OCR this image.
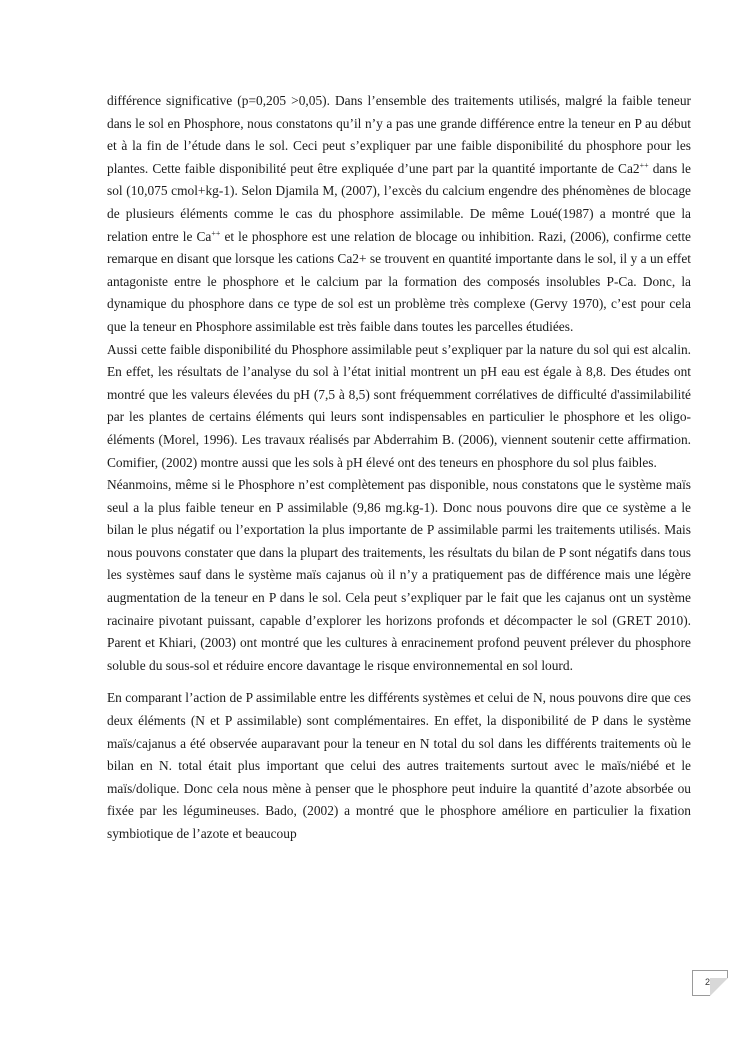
différence significative (p=0,205 >0,05). Dans l’ensemble des traitements utilisés, malgré la faible teneur dans le sol en Phosphore, nous constatons qu’il n’y a pas une grande différence entre la teneur en P au début et à la fin de l’étude dans le sol. Ceci peut s’expliquer par une faible disponibilité du phosphore pour les plantes. Cette faible disponibilité peut être expliquée d’une part par la quantité importante de Ca2++ dans le sol (10,075 cmol+kg-1). Selon Djamila M, (2007), l’excès du calcium engendre des phénomènes de blocage de plusieurs éléments comme le cas du phosphore assimilable. De même Loué(1987) a montré que la relation entre le Ca++ et le phosphore est une relation de blocage ou inhibition. Razi, (2006), confirme cette remarque en disant que lorsque les cations Ca2+ se trouvent en quantité importante dans le sol, il y a un effet antagoniste entre le phosphore et le calcium par la formation des composés insolubles P-Ca. Donc, la dynamique du phosphore dans ce type de sol est un problème très complexe (Gervy 1970), c’est pour cela que la teneur en Phosphore assimilable est très faible dans toutes les parcelles étudiées.

Aussi cette faible disponibilité du Phosphore assimilable peut s’expliquer par la nature du sol qui est alcalin. En effet, les résultats de l’analyse du sol à l’état initial montrent un pH eau est égale à 8,8. Des études ont montré que les valeurs élevées du pH (7,5 à 8,5) sont fréquemment corrélatives de difficulté d'assimilabilité par les plantes de certains éléments qui leurs sont indispensables en particulier le phosphore et les oligo-éléments (Morel, 1996). Les travaux réalisés par Abderrahim B. (2006), viennent soutenir cette affirmation. Comifier, (2002) montre aussi que les sols à pH élevé ont des teneurs en phosphore du sol plus faibles.

Néanmoins, même si le Phosphore n’est complètement pas disponible, nous constatons que le système maïs seul a la plus faible teneur en P assimilable (9,86 mg.kg-1). Donc nous pouvons dire que ce système a le bilan le plus négatif ou l’exportation la plus importante de P assimilable parmi les traitements utilisés. Mais nous pouvons constater que dans la plupart des traitements, les résultats du bilan de P sont négatifs dans tous les systèmes sauf dans le système maïs cajanus où il n’y a pratiquement pas de différence mais une légère augmentation de la teneur en P dans le sol. Cela peut s’expliquer par le fait que les cajanus ont un système racinaire pivotant puissant, capable d’explorer les horizons profonds et décompacter le sol (GRET 2010). Parent et Khiari, (2003) ont montré que les cultures à enracinement profond peuvent prélever du phosphore soluble du sous-sol et réduire encore davantage le risque environnemental en sol lourd.

En comparant l’action de P assimilable entre les différents systèmes et celui de N, nous pouvons dire que ces deux éléments (N et P assimilable) sont complémentaires. En effet, la disponibilité de P dans le système maïs/cajanus a été observée auparavant pour la teneur en N total du sol dans les différents traitements où le bilan en N. total était plus important que celui des autres traitements surtout avec le maïs/niébé et le maïs/dolique. Donc cela nous mène à penser que le phosphore peut induire la quantité d’azote absorbée ou fixée par les légumineuses. Bado, (2002) a montré que le phosphore améliore en particulier la fixation symbiotique de l’azote et beaucoup

27
